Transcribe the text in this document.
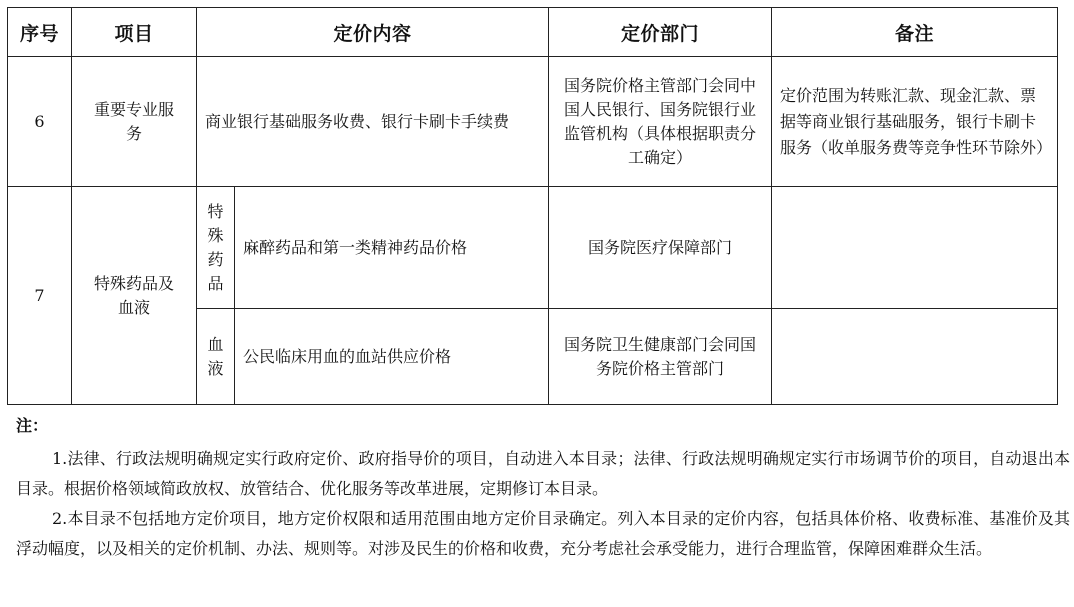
序号	项目	定价内容		定价部门	备注
6	重要专业服务	商业银行基础服务收费、银行卡刷卡手续费		国务院价格主管部门会同中国人民银行、国务院银行业监管机构（具体根据职责分工确定）	定价范围为转账汇款、现金汇款、票据等商业银行基础服务，银行卡刷卡服务（收单服务费等竞争性环节除外）
7	特殊药品及血液	特殊药品	麻醉药品和第一类精神药品价格	国务院医疗保障部门	
		血液	公民临床用血的血站供应价格	国务院卫生健康部门会同国务院价格主管部门	
注：

1.法律、行政法规明确规定实行政府定价、政府指导价的项目，自动进入本目录；法律、行政法规明确规定实行市场调节价的项目，自动退出本目录。根据价格领域简政放权、放管结合、优化服务等改革进展，定期修订本目录。

2.本目录不包括地方定价项目，地方定价权限和适用范围由地方定价目录确定。列入本目录的定价内容，包括具体价格、收费标准、基准价及其浮动幅度，以及相关的定价机制、办法、规则等。对涉及民生的价格和收费，充分考虑社会承受能力，进行合理监管，保障困难群众生活。
